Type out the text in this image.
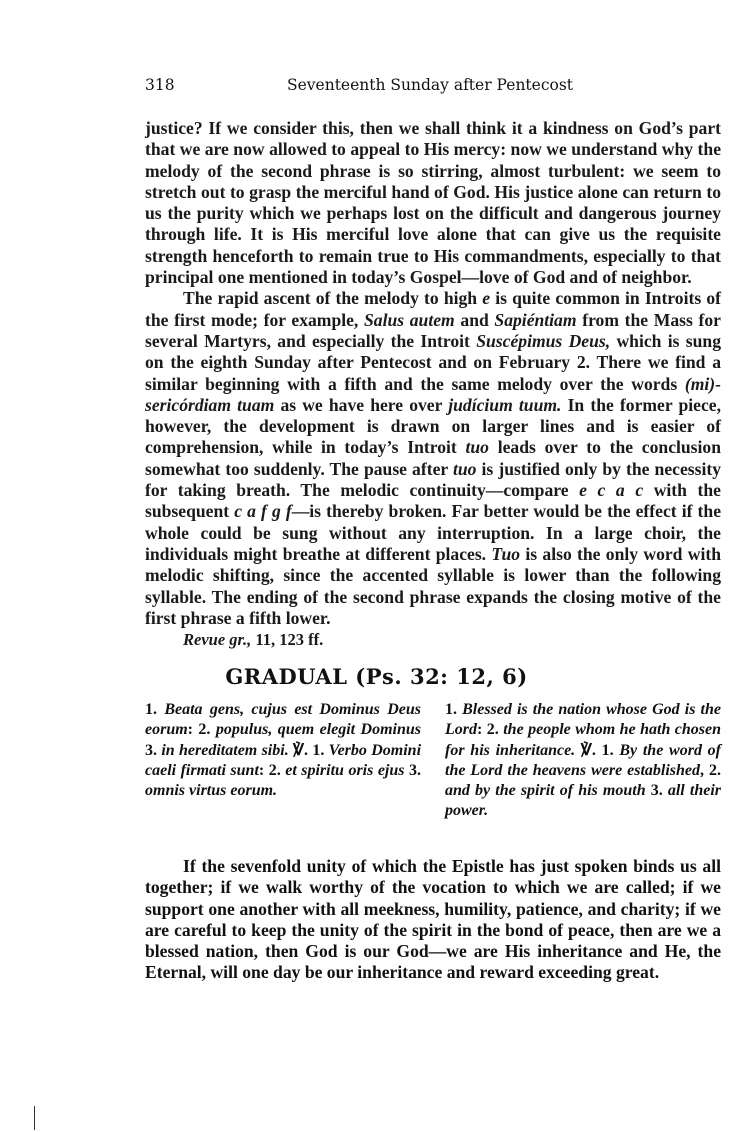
318	Seventeenth Sunday after Pentecost

justice? If we consider this, then we shall think it a kindness on God’s part that we are now allowed to appeal to His mercy: now we understand why the melody of the second phrase is so stirring, almost turbulent: we seem to stretch out to grasp the merciful hand of God. His justice alone can return to us the purity which we perhaps lost on the difficult and dangerous journey through life. It is His merciful love alone that can give us the requisite strength henceforth to remain true to His commandments, especially to that principal one mentioned in today’s Gospel—love of God and of neighbor.

The rapid ascent of the melody to high e is quite common in Introits of the first mode; for example, Salus autem and Sapiéntiam from the Mass for several Martyrs, and especially the Introit Suscépimus Deus, which is sung on the eighth Sunday after Pentecost and on February 2. There we find a similar beginning with a fifth and the same melody over the words (mi)-sericórdiam tuam as we have here over judícium tuum. In the former piece, however, the development is drawn on larger lines and is easier of comprehension, while in today’s Introit tuo leads over to the conclusion somewhat too suddenly. The pause after tuo is justified only by the necessity for taking breath. The melodic continuity—compare e c a c with the subsequent c a f g f—is thereby broken. Far better would be the effect if the whole could be sung without any interruption. In a large choir, the individuals might breathe at different places. Tuo is also the only word with melodic shifting, since the accented syllable is lower than the following syllable. The ending of the second phrase expands the closing motive of the first phrase a fifth lower.

Revue gr., 11, 123 ff.

GRADUAL (Ps. 32: 12, 6)
1. Beata gens, cujus est Dominus Deus eorum: 2. populus, quem elegit Dominus 3. in hereditatem sibi. ℣. 1. Verbo Domini caeli firmati sunt: 2. et spiritu oris ejus 3. omnis virtus eorum.
1. Blessed is the nation whose God is the Lord: 2. the people whom he hath chosen for his inheritance. ℣. 1. By the word of the Lord the heavens were established, 2. and by the spirit of his mouth 3. all their power.

If the sevenfold unity of which the Epistle has just spoken binds us all together; if we walk worthy of the vocation to which we are called; if we support one another with all meekness, humility, patience, and charity; if we are careful to keep the unity of the spirit in the bond of peace, then are we a blessed nation, then God is our God—we are His inheritance and He, the Eternal, will one day be our inheritance and reward exceeding great.
